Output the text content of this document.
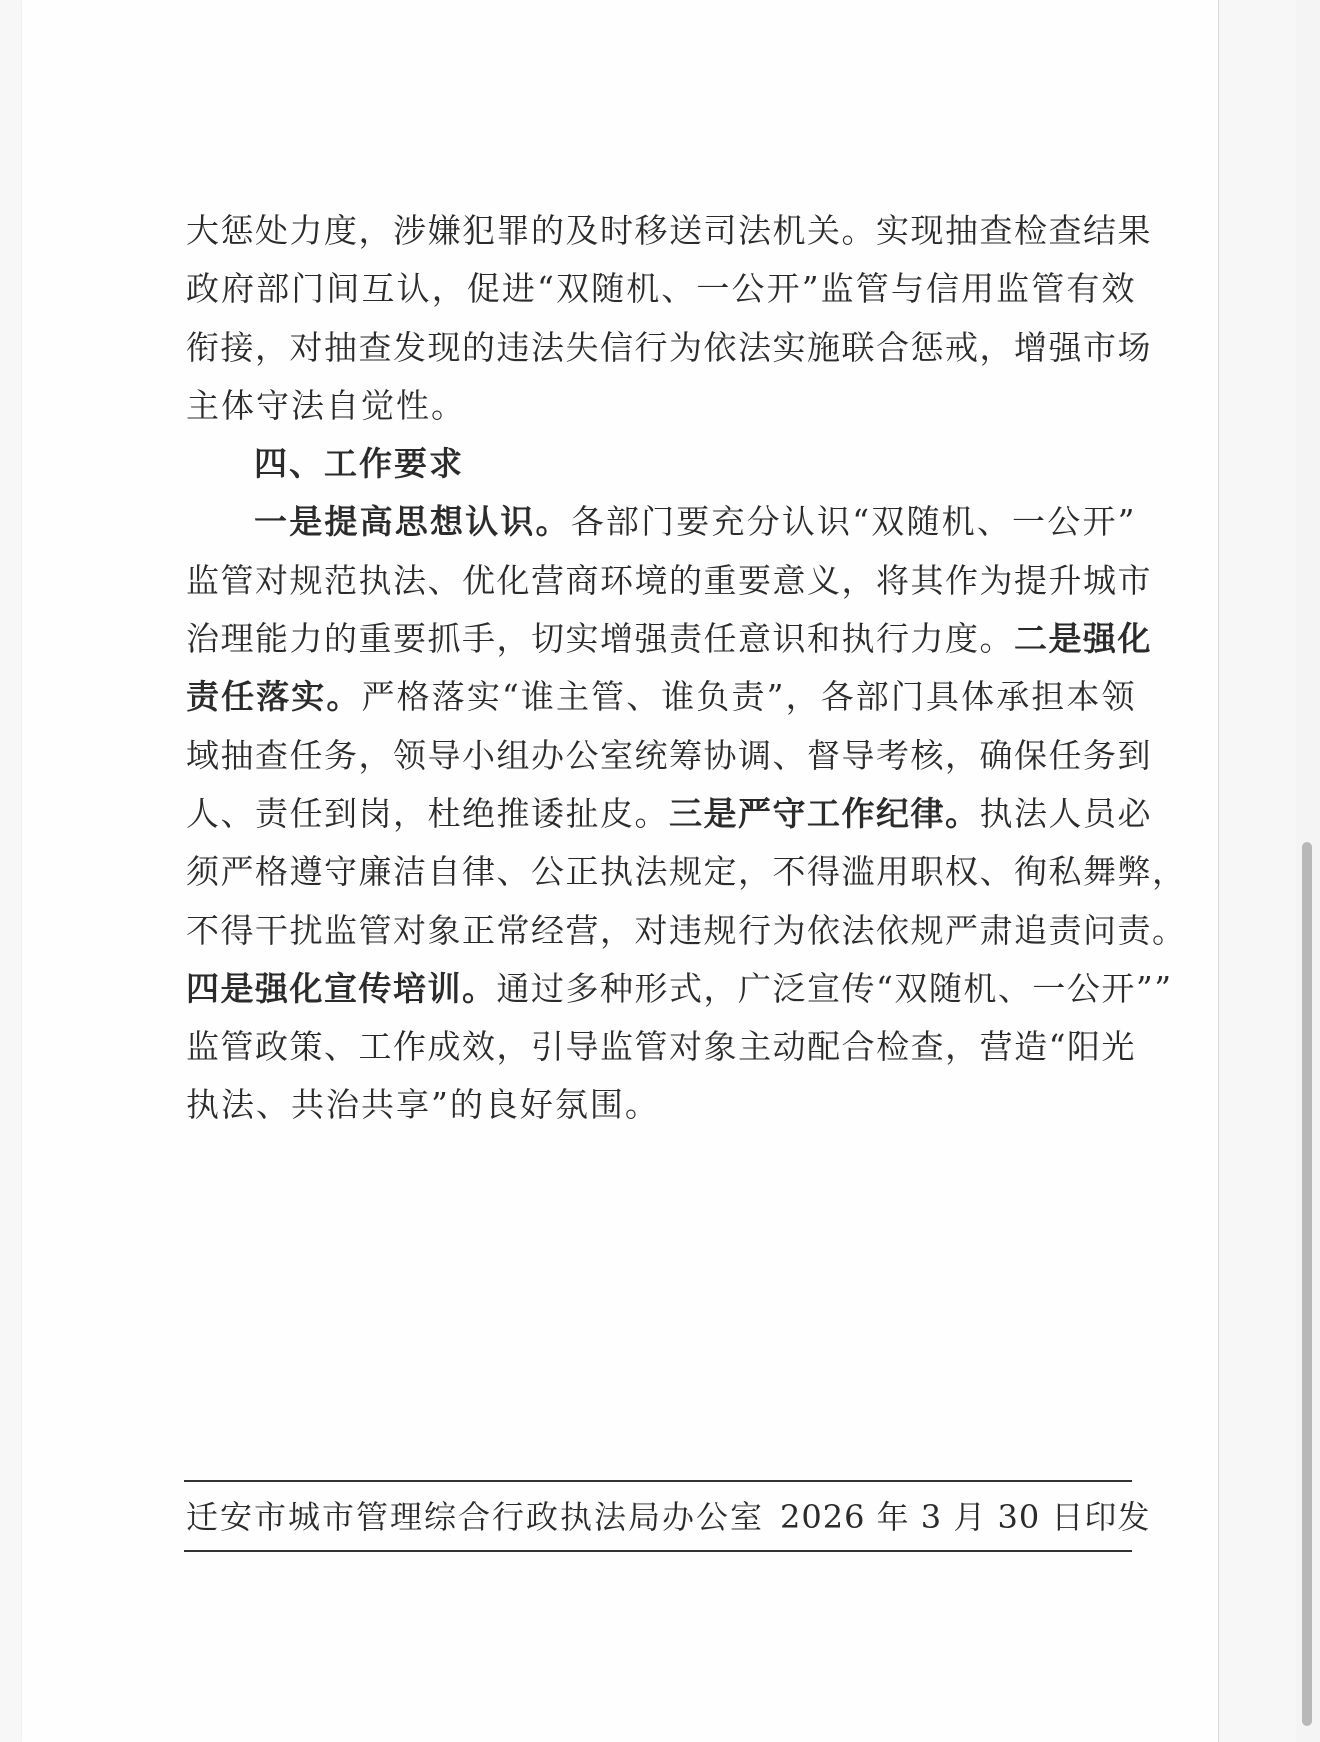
大惩处力度，涉嫌犯罪的及时移送司法机关。实现抽查检查结果
政府部门间互认，促进“双随机、一公开”监管与信用监管有效
衔接，对抽查发现的违法失信行为依法实施联合惩戒，增强市场
主体守法自觉性。
四、工作要求
一是提高思想认识。各部门要充分认识“双随机、一公开”
监管对规范执法、优化营商环境的重要意义，将其作为提升城市
治理能力的重要抓手，切实增强责任意识和执行力度。二是强化
责任落实。严格落实“谁主管、谁负责”，各部门具体承担本领
域抽查任务，领导小组办公室统筹协调、督导考核，确保任务到
人、责任到岗，杜绝推诿扯皮。三是严守工作纪律。执法人员必
须严格遵守廉洁自律、公正执法规定，不得滥用职权、徇私舞弊，
不得干扰监管对象正常经营，对违规行为依法依规严肃追责问责。
四是强化宣传培训。通过多种形式，广泛宣传“双随机、一公开””
监管政策、工作成效，引导监管对象主动配合检查，营造“阳光
执法、共治共享”的良好氛围。
迁安市城市管理综合行政执法局办公室 2026 年 3 月 30 日印发
